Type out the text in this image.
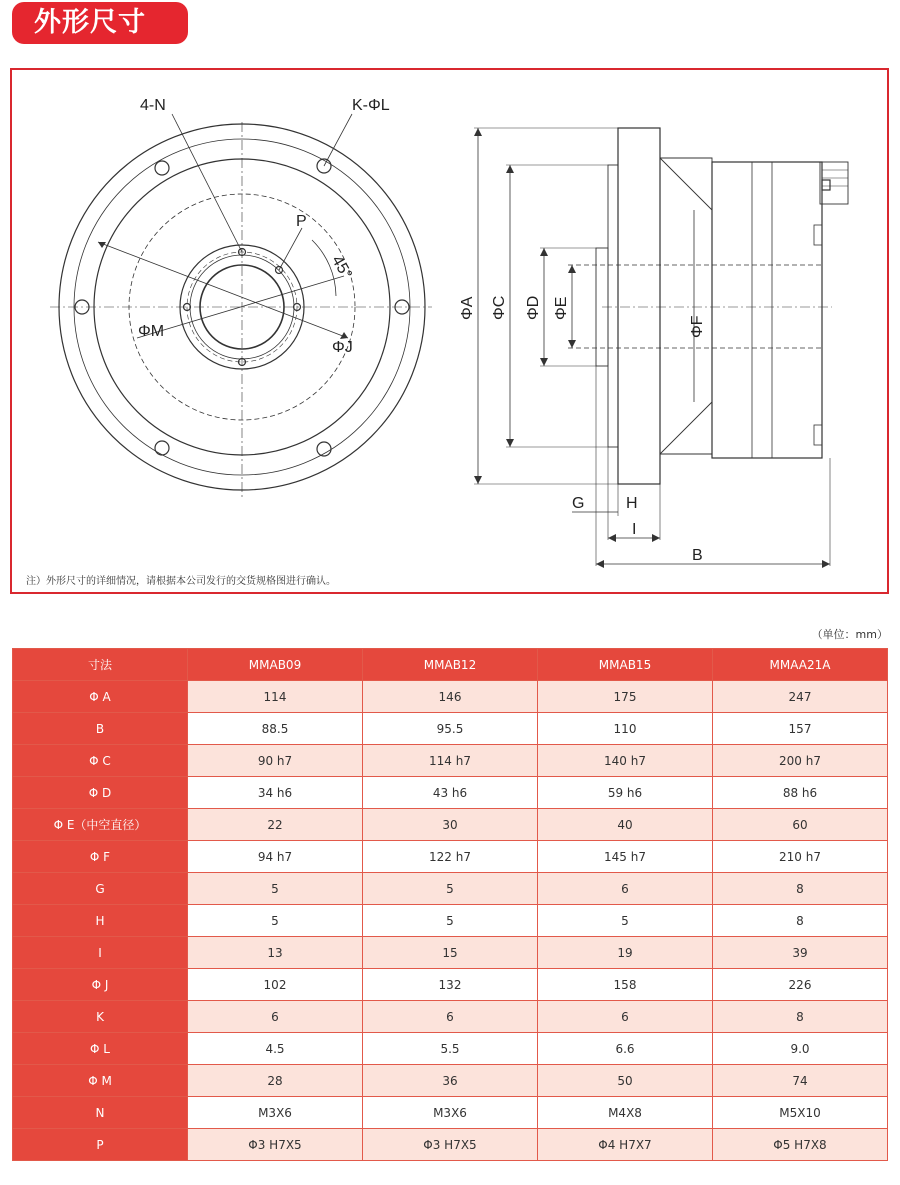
外形尺寸
4-N	K-ΦL
P
45°
ΦM
ΦJ
ΦA ΦC ΦD ΦE
ΦF
G	H
I
B
注）外形尺寸的详细情况，请根据本公司发行的交货规格图进行确认。
（单位：mm）
寸法	MMAB09	MMAB12	MMAB15	MMAA21A
Φ A	114	146	175	247
B	88.5	95.5	110	157
Φ C	90 h7	114 h7	140 h7	200 h7
Φ D	34 h6	43 h6	59 h6	88 h6
Φ E（中空直径）	22	30	40	60
Φ F	94 h7	122 h7	145 h7	210 h7
G	5	5	6	8
H	5	5	5	8
I	13	15	19	39
Φ J	102	132	158	226
K	6	6	6	8
Φ L	4.5	5.5	6.6	9.0
Φ M	28	36	50	74
N	M3X6	M3X6	M4X8	M5X10
P	Φ3 H7X5	Φ3 H7X5	Φ4 H7X7	Φ5 H7X8
